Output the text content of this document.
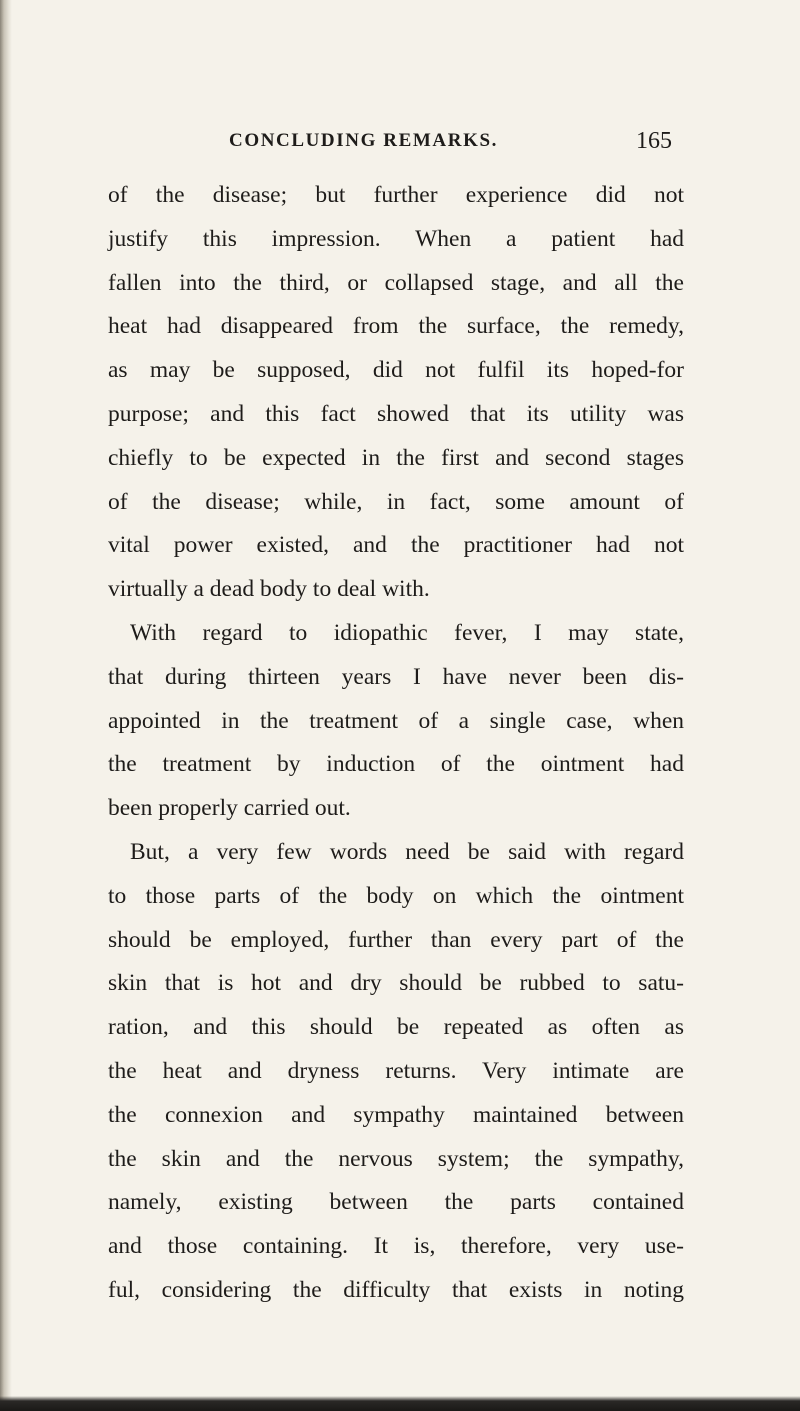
CONCLUDING REMARKS.	165
of the disease; but further experience did not
justify this impression. When a patient had
fallen into the third, or collapsed stage, and all the
heat had disappeared from the surface, the remedy,
as may be supposed, did not fulfil its hoped-for
purpose; and this fact showed that its utility was
chiefly to be expected in the first and second stages
of the disease; while, in fact, some amount of
vital power existed, and the practitioner had not
virtually a dead body to deal with.
With regard to idiopathic fever, I may state,
that during thirteen years I have never been dis-
appointed in the treatment of a single case, when
the treatment by induction of the ointment had
been properly carried out.
But, a very few words need be said with regard
to those parts of the body on which the ointment
should be employed, further than every part of the
skin that is hot and dry should be rubbed to satu-
ration, and this should be repeated as often as
the heat and dryness returns. Very intimate are
the connexion and sympathy maintained between
the skin and the nervous system; the sympathy,
namely, existing between the parts contained
and those containing. It is, therefore, very use-
ful, considering the difficulty that exists in noting
